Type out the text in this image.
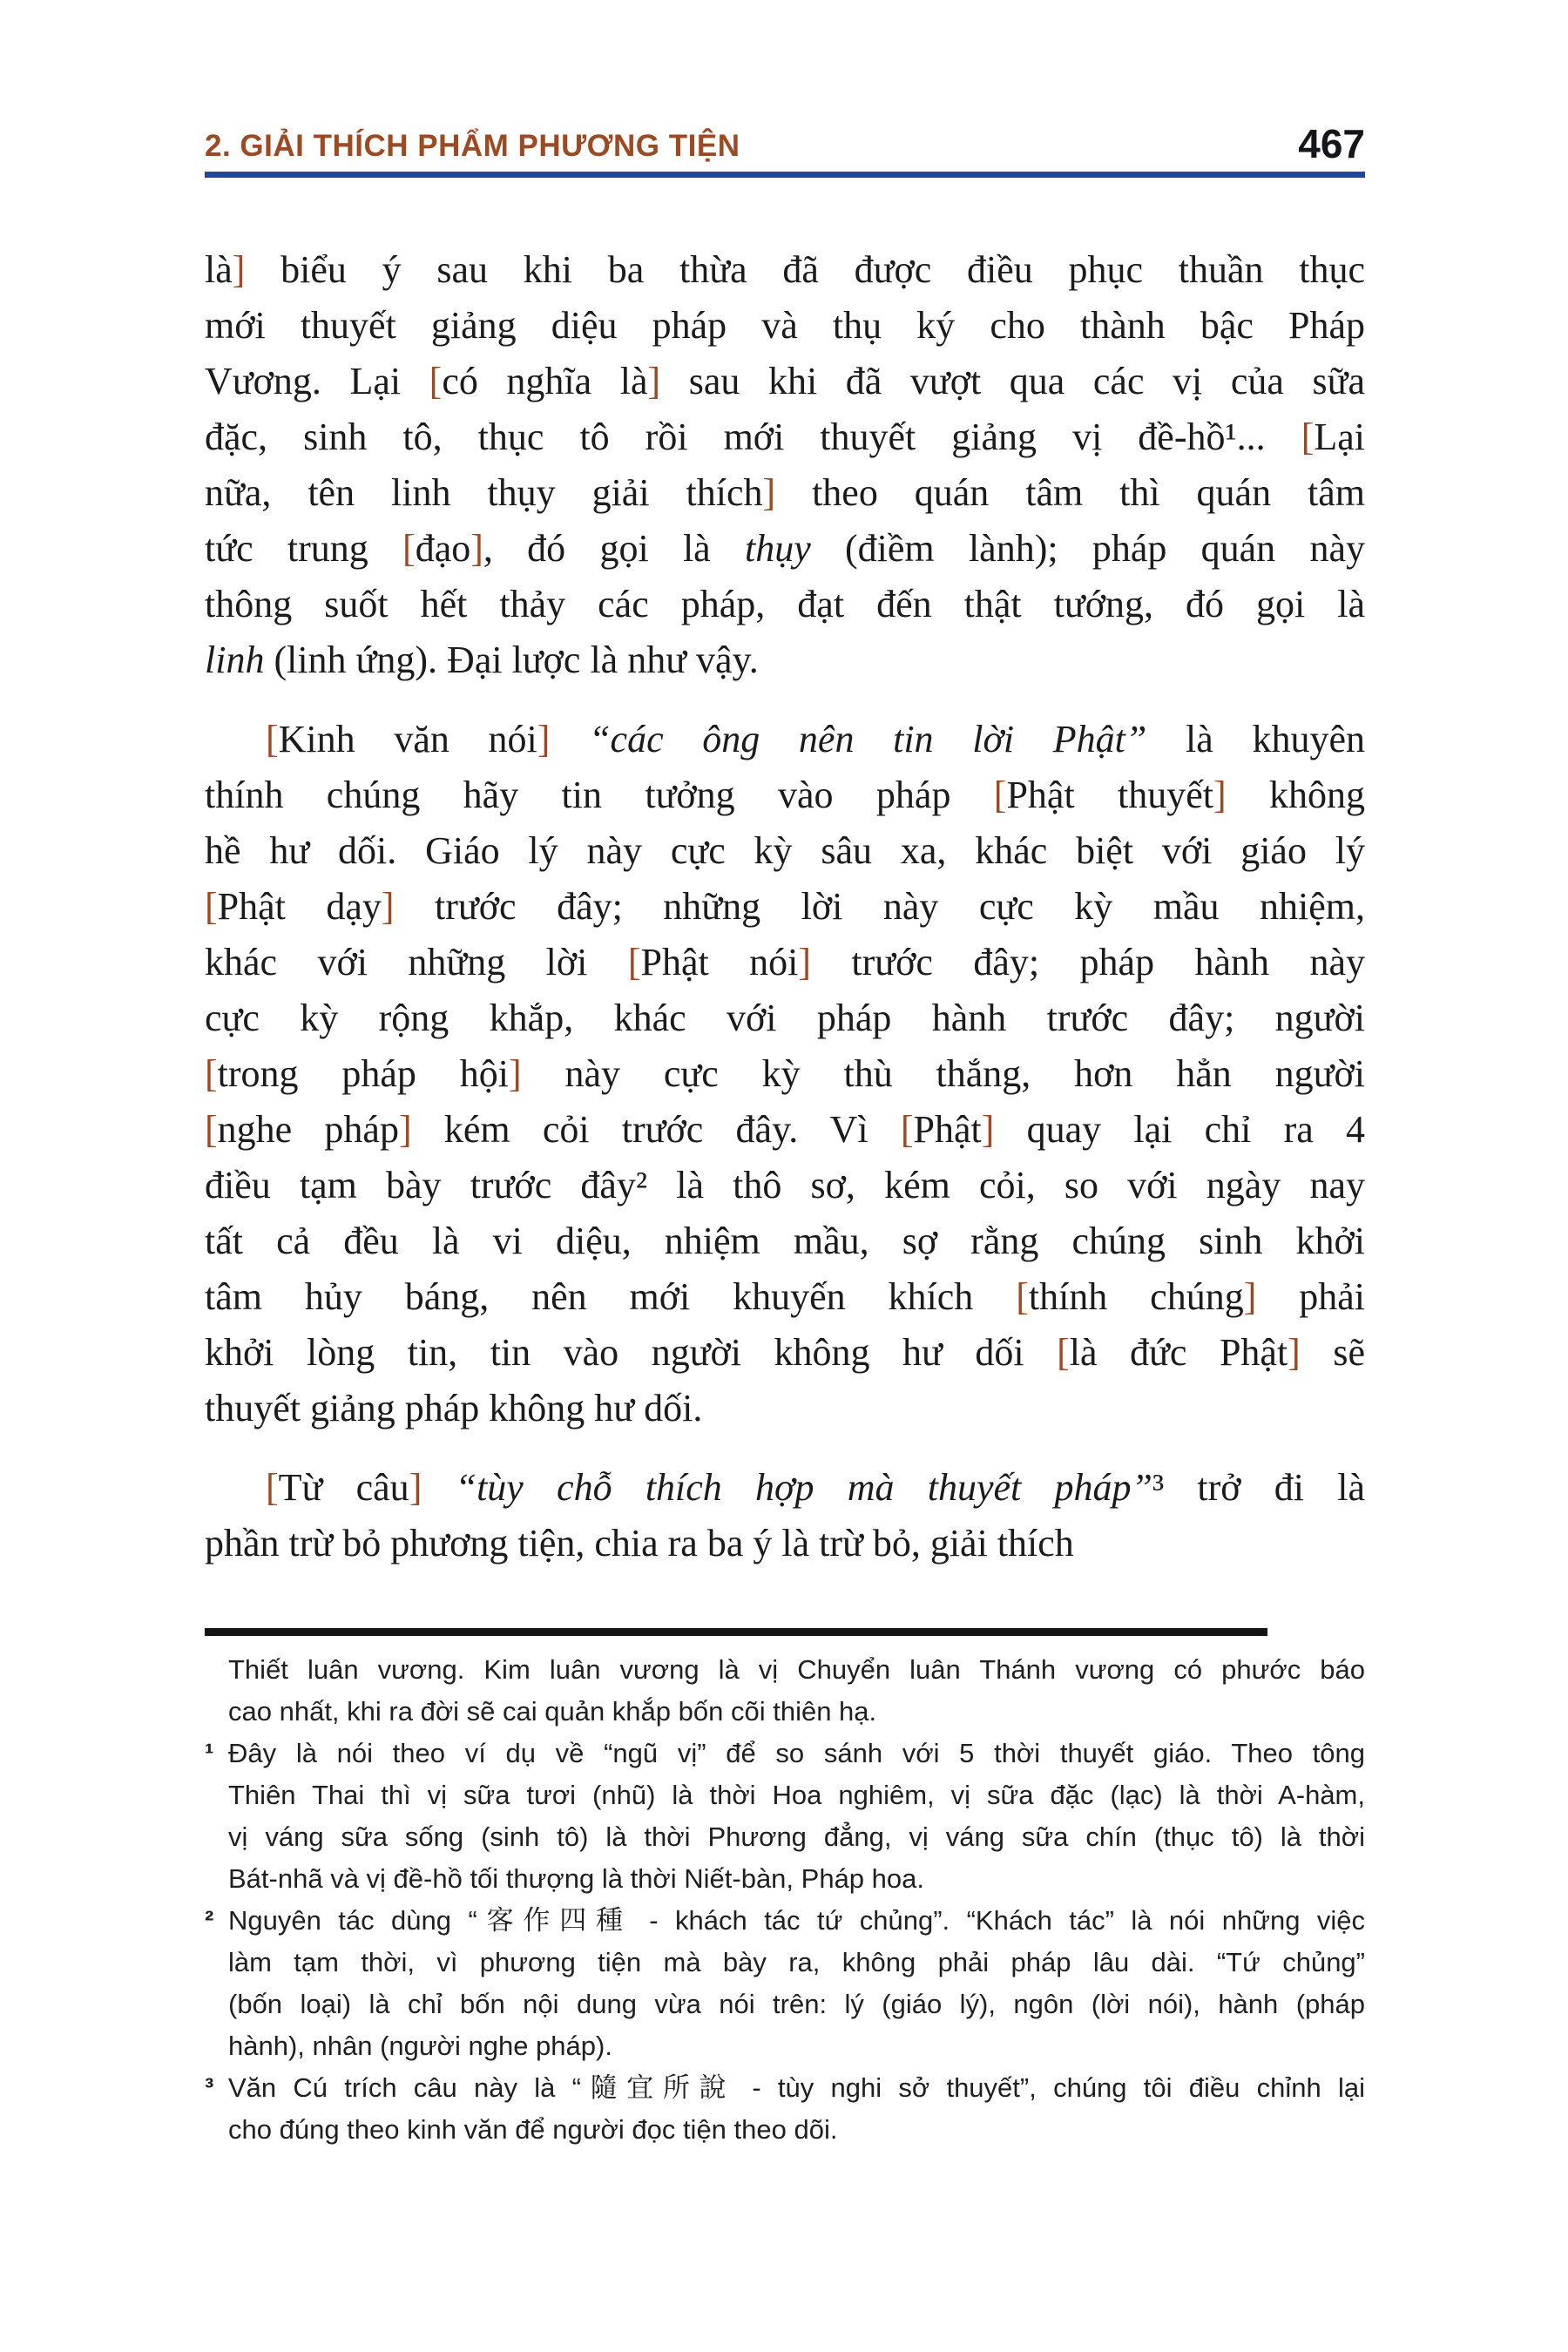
2. GIẢI THÍCH PHẨM PHƯƠNG TIỆN	467
là] biểu ý sau khi ba thừa đã được điều phục thuần thục
mới thuyết giảng diệu pháp và thụ ký cho thành bậc Pháp
Vương. Lại [có nghĩa là] sau khi đã vượt qua các vị của sữa
đặc, sinh tô, thục tô rồi mới thuyết giảng vị đề-hồ¹... [Lại
nữa, tên linh thụy giải thích] theo quán tâm thì quán tâm
tức trung [đạo], đó gọi là thụy (điềm lành); pháp quán này
thông suốt hết thảy các pháp, đạt đến thật tướng, đó gọi là
linh (linh ứng). Đại lược là như vậy.
[Kinh văn nói] “các ông nên tin lời Phật” là khuyên
thính chúng hãy tin tưởng vào pháp [Phật thuyết] không
hề hư dối. Giáo lý này cực kỳ sâu xa, khác biệt với giáo lý
[Phật dạy] trước đây; những lời này cực kỳ mầu nhiệm,
khác với những lời [Phật nói] trước đây; pháp hành này
cực kỳ rộng khắp, khác với pháp hành trước đây; người
[trong pháp hội] này cực kỳ thù thắng, hơn hẳn người
[nghe pháp] kém cỏi trước đây. Vì [Phật] quay lại chỉ ra 4
điều tạm bày trước đây² là thô sơ, kém cỏi, so với ngày nay
tất cả đều là vi diệu, nhiệm mầu, sợ rằng chúng sinh khởi
tâm hủy báng, nên mới khuyến khích [thính chúng] phải
khởi lòng tin, tin vào người không hư dối [là đức Phật] sẽ
thuyết giảng pháp không hư dối.
[Từ câu] “tùy chỗ thích hợp mà thuyết pháp”³ trở đi là
phần trừ bỏ phương tiện, chia ra ba ý là trừ bỏ, giải thích

Thiết luân vương. Kim luân vương là vị Chuyển luân Thánh vương có phước báo
cao nhất, khi ra đời sẽ cai quản khắp bốn cõi thiên hạ.
¹ Đây là nói theo ví dụ về “ngũ vị” để so sánh với 5 thời thuyết giáo. Theo tông
Thiên Thai thì vị sữa tươi (nhũ) là thời Hoa nghiêm, vị sữa đặc (lạc) là thời A-hàm,
vị váng sữa sống (sinh tô) là thời Phương đẳng, vị váng sữa chín (thục tô) là thời
Bát-nhã và vị đề-hồ tối thượng là thời Niết-bàn, Pháp hoa.
² Nguyên tác dùng “客作四種 - khách tác tứ chủng”. “Khách tác” là nói những việc
làm tạm thời, vì phương tiện mà bày ra, không phải pháp lâu dài. “Tứ chủng”
(bốn loại) là chỉ bốn nội dung vừa nói trên: lý (giáo lý), ngôn (lời nói), hành (pháp
hành), nhân (người nghe pháp).
³ Văn Cú trích câu này là “隨宜所說 - tùy nghi sở thuyết”, chúng tôi điều chỉnh lại
cho đúng theo kinh văn để người đọc tiện theo dõi.
